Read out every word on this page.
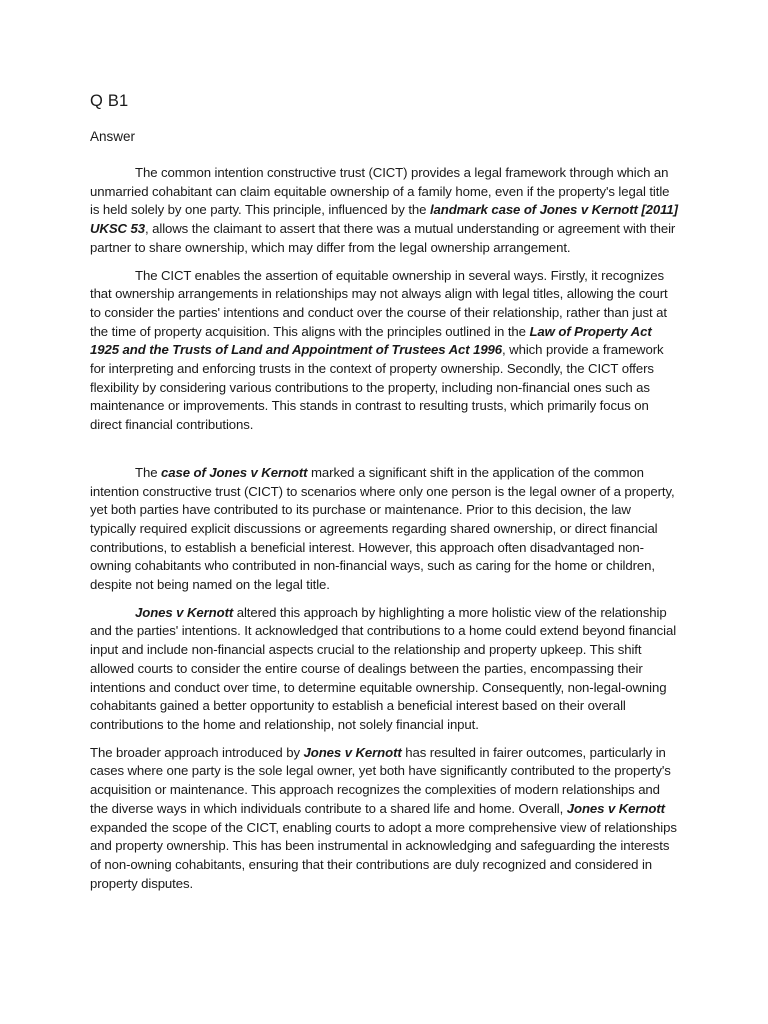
Q B1
Answer

The common intention constructive trust (CICT) provides a legal framework through which an unmarried cohabitant can claim equitable ownership of a family home, even if the property's legal title is held solely by one party. This principle, influenced by the landmark case of Jones v Kernott [2011] UKSC 53, allows the claimant to assert that there was a mutual understanding or agreement with their partner to share ownership, which may differ from the legal ownership arrangement.

The CICT enables the assertion of equitable ownership in several ways. Firstly, it recognizes that ownership arrangements in relationships may not always align with legal titles, allowing the court to consider the parties' intentions and conduct over the course of their relationship, rather than just at the time of property acquisition. This aligns with the principles outlined in the Law of Property Act 1925 and the Trusts of Land and Appointment of Trustees Act 1996, which provide a framework for interpreting and enforcing trusts in the context of property ownership. Secondly, the CICT offers flexibility by considering various contributions to the property, including non-financial ones such as maintenance or improvements. This stands in contrast to resulting trusts, which primarily focus on direct financial contributions.

The case of Jones v Kernott marked a significant shift in the application of the common intention constructive trust (CICT) to scenarios where only one person is the legal owner of a property, yet both parties have contributed to its purchase or maintenance. Prior to this decision, the law typically required explicit discussions or agreements regarding shared ownership, or direct financial contributions, to establish a beneficial interest. However, this approach often disadvantaged non-owning cohabitants who contributed in non-financial ways, such as caring for the home or children, despite not being named on the legal title.

Jones v Kernott altered this approach by highlighting a more holistic view of the relationship and the parties' intentions. It acknowledged that contributions to a home could extend beyond financial input and include non-financial aspects crucial to the relationship and property upkeep. This shift allowed courts to consider the entire course of dealings between the parties, encompassing their intentions and conduct over time, to determine equitable ownership. Consequently, non-legal-owning cohabitants gained a better opportunity to establish a beneficial interest based on their overall contributions to the home and relationship, not solely financial input.

The broader approach introduced by Jones v Kernott has resulted in fairer outcomes, particularly in cases where one party is the sole legal owner, yet both have significantly contributed to the property's acquisition or maintenance. This approach recognizes the complexities of modern relationships and the diverse ways in which individuals contribute to a shared life and home. Overall, Jones v Kernott expanded the scope of the CICT, enabling courts to adopt a more comprehensive view of relationships and property ownership. This has been instrumental in acknowledging and safeguarding the interests of non-owning cohabitants, ensuring that their contributions are duly recognized and considered in property disputes.
